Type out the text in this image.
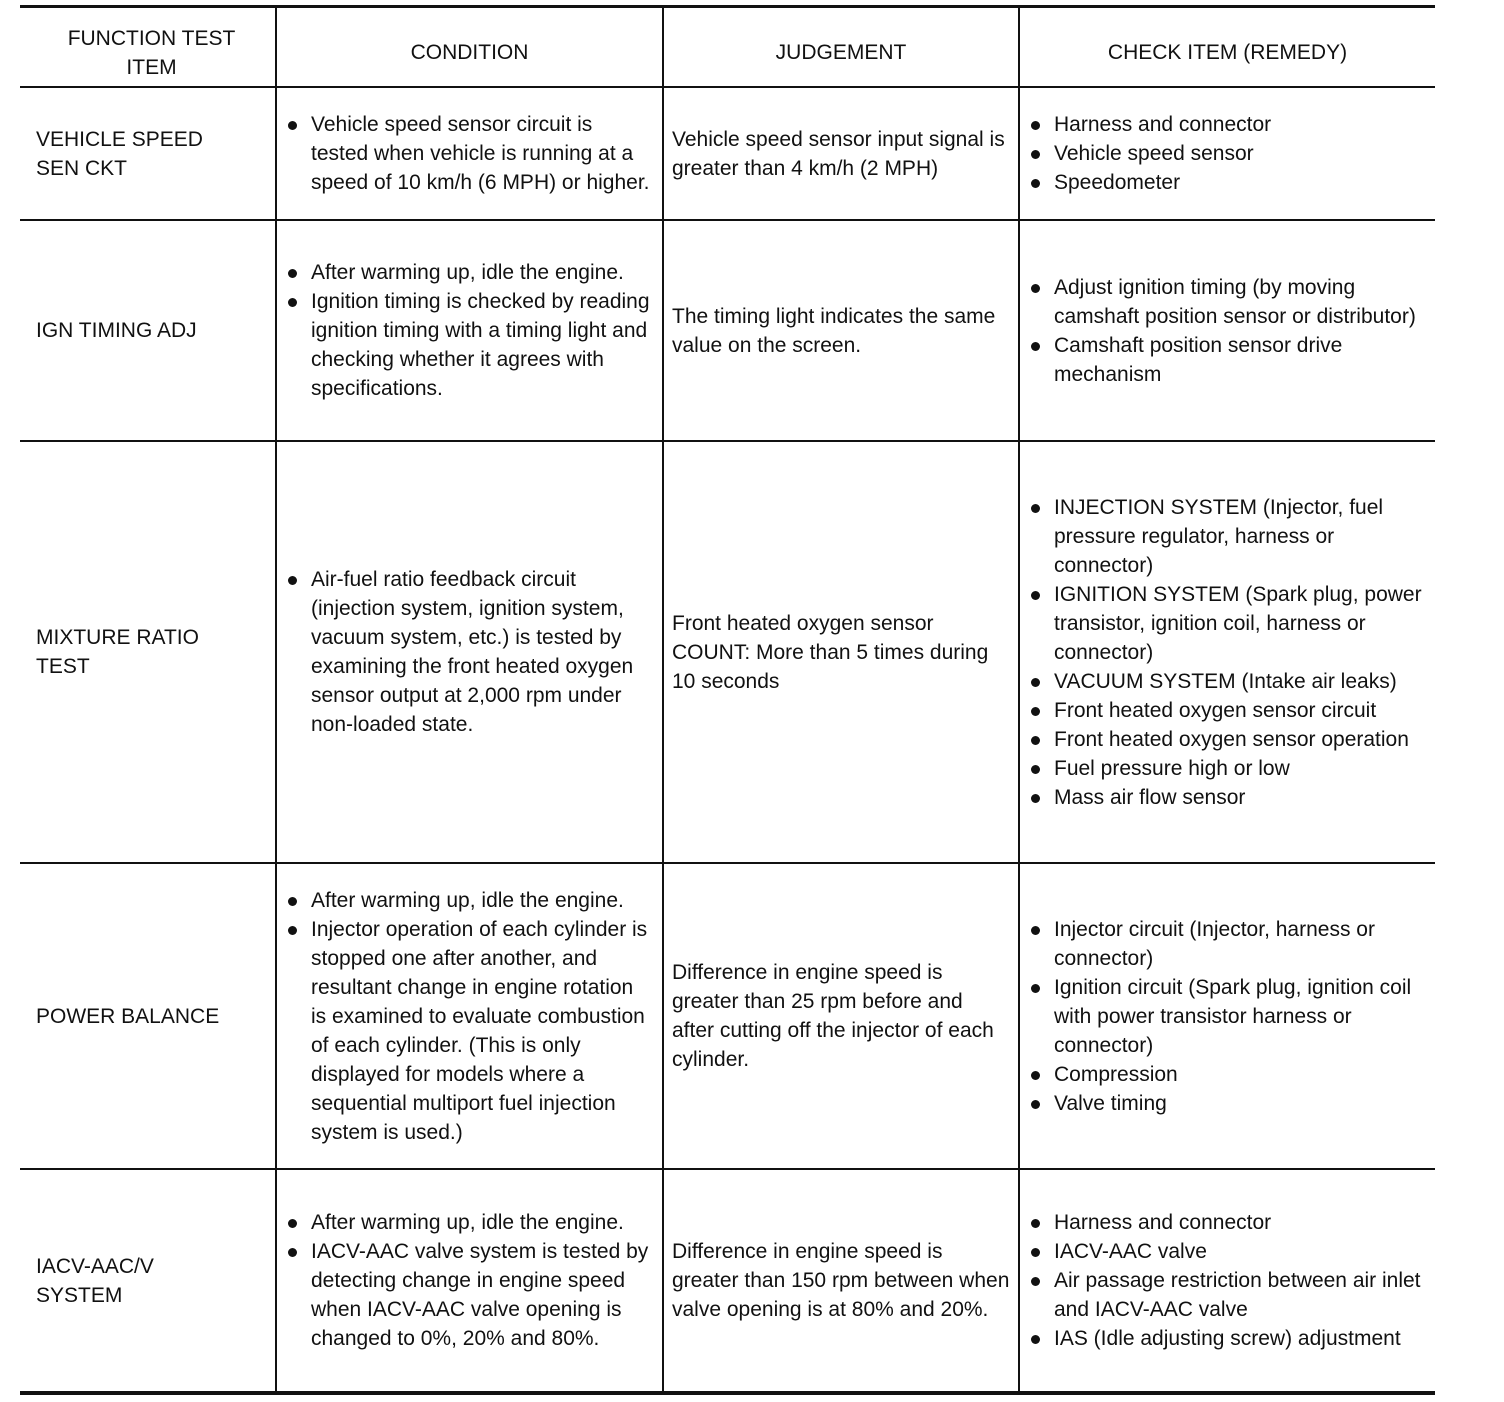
FUNCTION TEST ITEM
CONDITION	JUDGEMENT	CHECK ITEM (REMEDY)
VEHICLE SPEED SEN CKT
Vehicle speed sensor circuit is tested when vehicle is running at a speed of 10 km/h (6 MPH) or higher.
Vehicle speed sensor input signal is greater than 4 km/h (2 MPH)
Harness and connector
Vehicle speed sensor
Speedometer
IGN TIMING ADJ
After warming up, idle the engine.
Ignition timing is checked by reading ignition timing with a timing light and checking whether it agrees with specifications.
The timing light indicates the same value on the screen.
Adjust ignition timing (by moving camshaft position sensor or distributor)
Camshaft position sensor drive mechanism
MIXTURE RATIO TEST
Air-fuel ratio feedback circuit (injection system, ignition system, vacuum system, etc.) is tested by examining the front heated oxygen sensor output at 2,000 rpm under non-loaded state.
Front heated oxygen sensor COUNT: More than 5 times during 10 seconds
INJECTION SYSTEM (Injector, fuel pressure regulator, harness or connector)
IGNITION SYSTEM (Spark plug, power transistor, ignition coil, harness or connector)
VACUUM SYSTEM (Intake air leaks)
Front heated oxygen sensor circuit
Front heated oxygen sensor operation
Fuel pressure high or low
Mass air flow sensor
POWER BALANCE
After warming up, idle the engine.
Injector operation of each cylinder is stopped one after another, and resultant change in engine rotation is examined to evaluate combustion of each cylinder. (This is only displayed for models where a sequential multiport fuel injection system is used.)
Difference in engine speed is greater than 25 rpm before and after cutting off the injector of each cylinder.
Injector circuit (Injector, harness or connector)
Ignition circuit (Spark plug, ignition coil with power transistor harness or connector)
Compression
Valve timing
IACV-AAC/V SYSTEM
After warming up, idle the engine.
IACV-AAC valve system is tested by detecting change in engine speed when IACV-AAC valve opening is changed to 0%, 20% and 80%.
Difference in engine speed is greater than 150 rpm between when valve opening is at 80% and 20%.
Harness and connector
IACV-AAC valve
Air passage restriction between air inlet and IACV-AAC valve
IAS (Idle adjusting screw) adjustment
